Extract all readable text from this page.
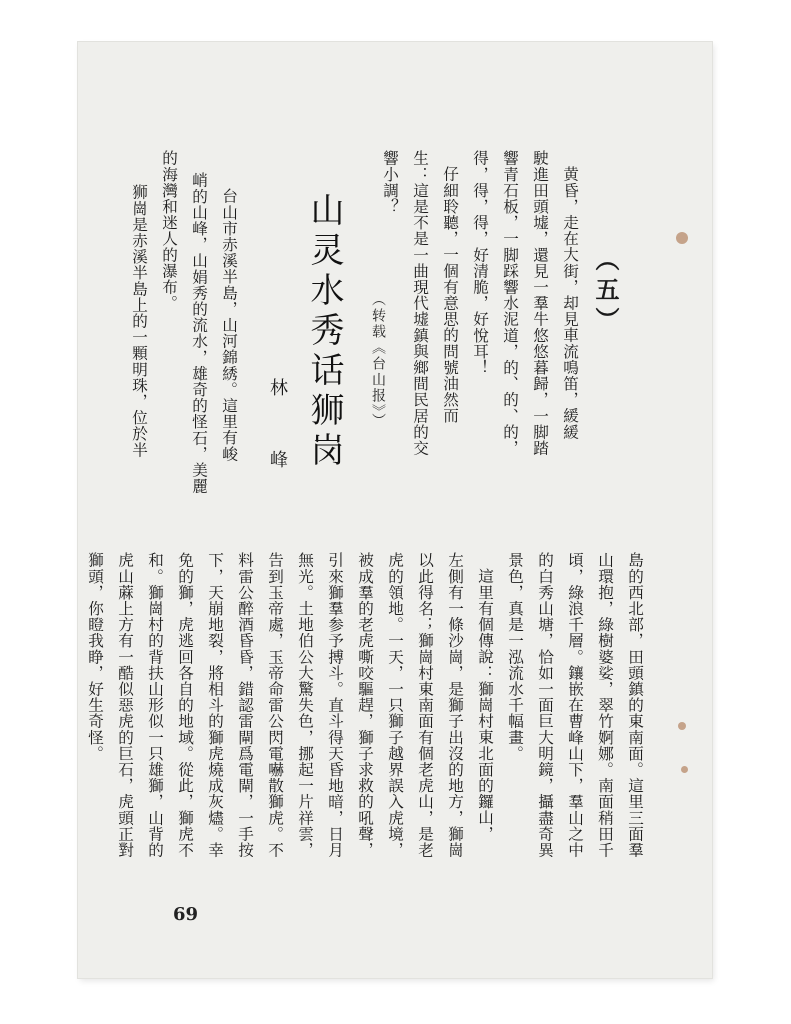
（五）
黄昏，走在大街，却見車流鳴笛，緩緩
駛進田頭墟，還見一羣牛悠悠暮歸，一脚踏
響青石板，一脚踩響水泥道，的、的、的，
得，得，得，好清脆，好悅耳！
仔細聆聽，一個有意思的問號油然而
生：這是不是一曲現代墟鎮與鄉間民居的交
響小調？
（转载《台山报》）
山灵水秀话狮岗
林　峰
台山市赤溪半島，山河錦綉。這里有峻
峭的山峰，山娟秀的流水，雄奇的怪石，美麗
的海灣和迷人的瀑布。
狮崗是赤溪半島上的一顆明珠，位於半
島的西北部，田頭鎮的東南面。這里三面羣
山環抱，綠樹婆娑，翠竹婀娜。南面稍田千
頃，綠浪千層。鑲嵌在曹峰山下，羣山之中
的白秀山塘，恰如一面巨大明鏡，攝盡奇異
景色，真是一泓流水千幅畫。
這里有個傳說：獅崗村東北面的鑼山，
左側有一條沙崗，是獅子出沒的地方，獅崗
以此得名；獅崗村東南面有個老虎山，是老
虎的領地。一天，一只獅子越界誤入虎境，
被成羣的老虎嘶咬驅趕，獅子求救的吼聲，
引來獅羣参予搏斗。直斗得天昏地暗，日月
無光。土地伯公大驚失色，挪起一片祥雲，
告到玉帝處，玉帝命雷公閃電嚇散獅虎。不
料雷公醉酒昏昏，錯認雷閘爲電閘，一手按
下，天崩地裂，將相斗的獅虎燒成灰燼。幸
免的獅，虎逃回各自的地域。從此，獅虎不
和。獅崗村的背扶山形似一只雄獅，山背的
虎山蔴上方有一酷似惡虎的巨石，虎頭正對
獅頭，你瞪我睁，好生奇怪。
69
